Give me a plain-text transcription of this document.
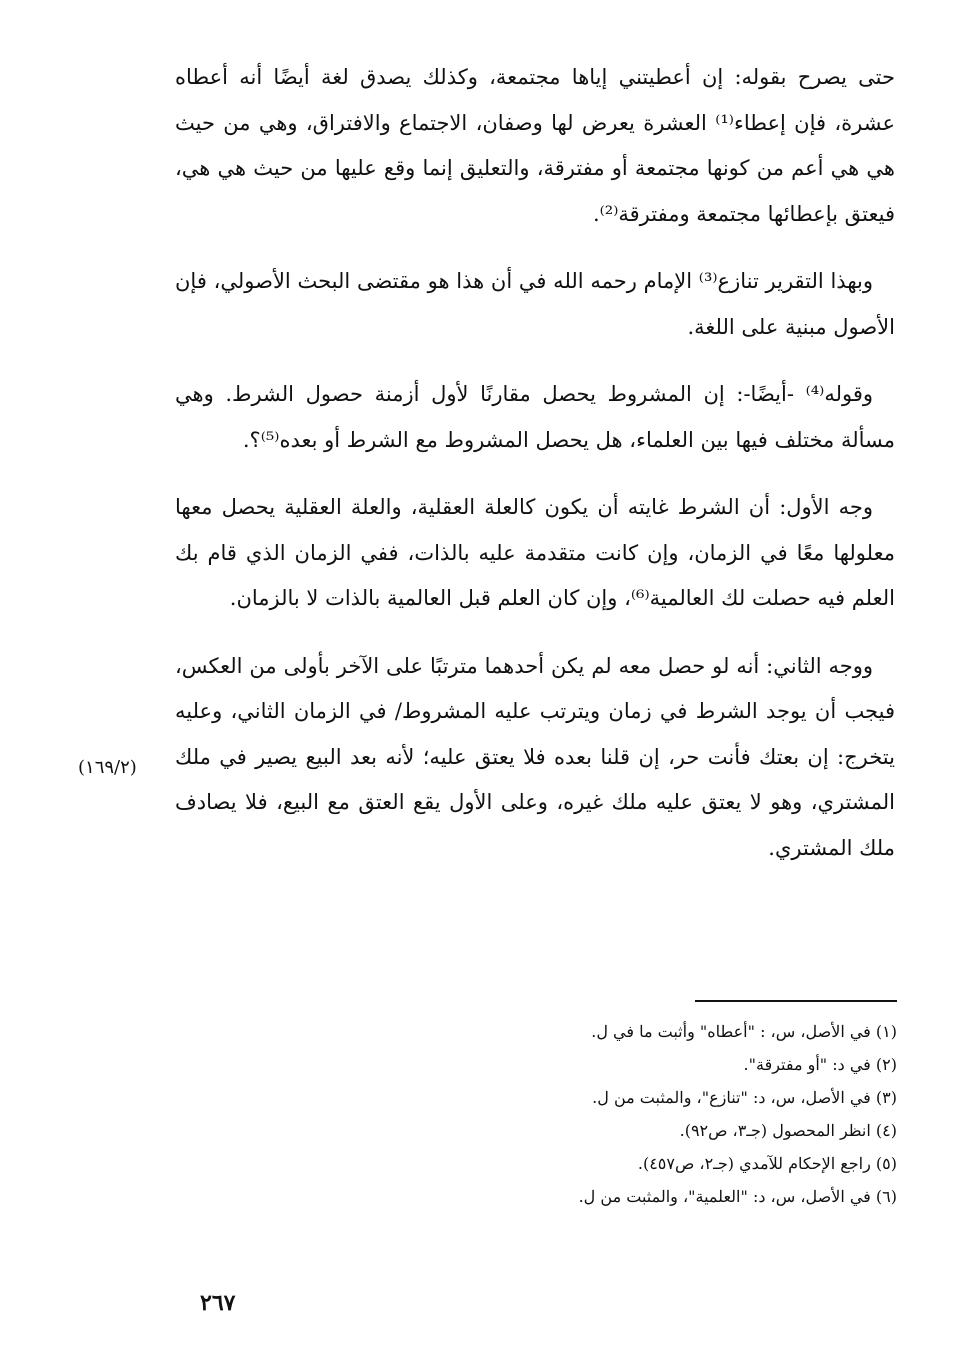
حتى يصرح بقوله: إن أعطيتني إياها مجتمعة، وكذلك يصدق لغة أيضًا أنه أعطاه عشرة، فإن إعطاء⁽¹⁾ العشرة يعرض لها وصفان، الاجتماع والافتراق، وهي من حيث هي هي أعم من كونها مجتمعة أو مفترقة، والتعليق إنما وقع عليها من حيث هي هي، فيعتق بإعطائها مجتمعة ومفترقة⁽²⁾.

وبهذا التقرير تنازع⁽³⁾ الإمام رحمه الله في أن هذا هو مقتضى البحث الأصولي، فإن الأصول مبنية على اللغة.

وقوله⁽⁴⁾ -أيضًا-: إن المشروط يحصل مقارنًا لأول أزمنة حصول الشرط. وهي مسألة مختلف فيها بين العلماء، هل يحصل المشروط مع الشرط أو بعده⁽⁵⁾؟.

وجه الأول: أن الشرط غايته أن يكون كالعلة العقلية، والعلة العقلية يحصل معها معلولها معًا في الزمان، وإن كانت متقدمة عليه بالذات، ففي الزمان الذي قام بك العلم فيه حصلت لك العالمية⁽⁶⁾، وإن كان العلم قبل العالمية بالذات لا بالزمان.

ووجه الثاني: أنه لو حصل معه لم يكن أحدهما مترتبًا على الآخر بأولى من العكس، فيجب أن يوجد الشرط في زمان ويترتب عليه المشروط/ في الزمان الثاني، وعليه يتخرج: إن بعتك فأنت حر، إن قلنا بعده فلا يعتق عليه؛ لأنه بعد البيع يصير في ملك المشتري، وهو لا يعتق عليه ملك غيره، وعلى الأول يقع العتق مع البيع، فلا يصادف ملك المشتري.

(١٦٩/٢)
(١) في الأصل، س، : "أعطاه" وأثبت ما في ل.
(٢) في د: "أو مفترقة".
(٣) في الأصل، س، د: "تنازع"، والمثبت من ل.
(٤) انظر المحصول (جـ٣، ص٩٢).
(٥) راجع الإحكام للآمدي (جـ٢، ص٤٥٧).
(٦) في الأصل، س، د: "العلمية"، والمثبت من ل.
٢٦٧
